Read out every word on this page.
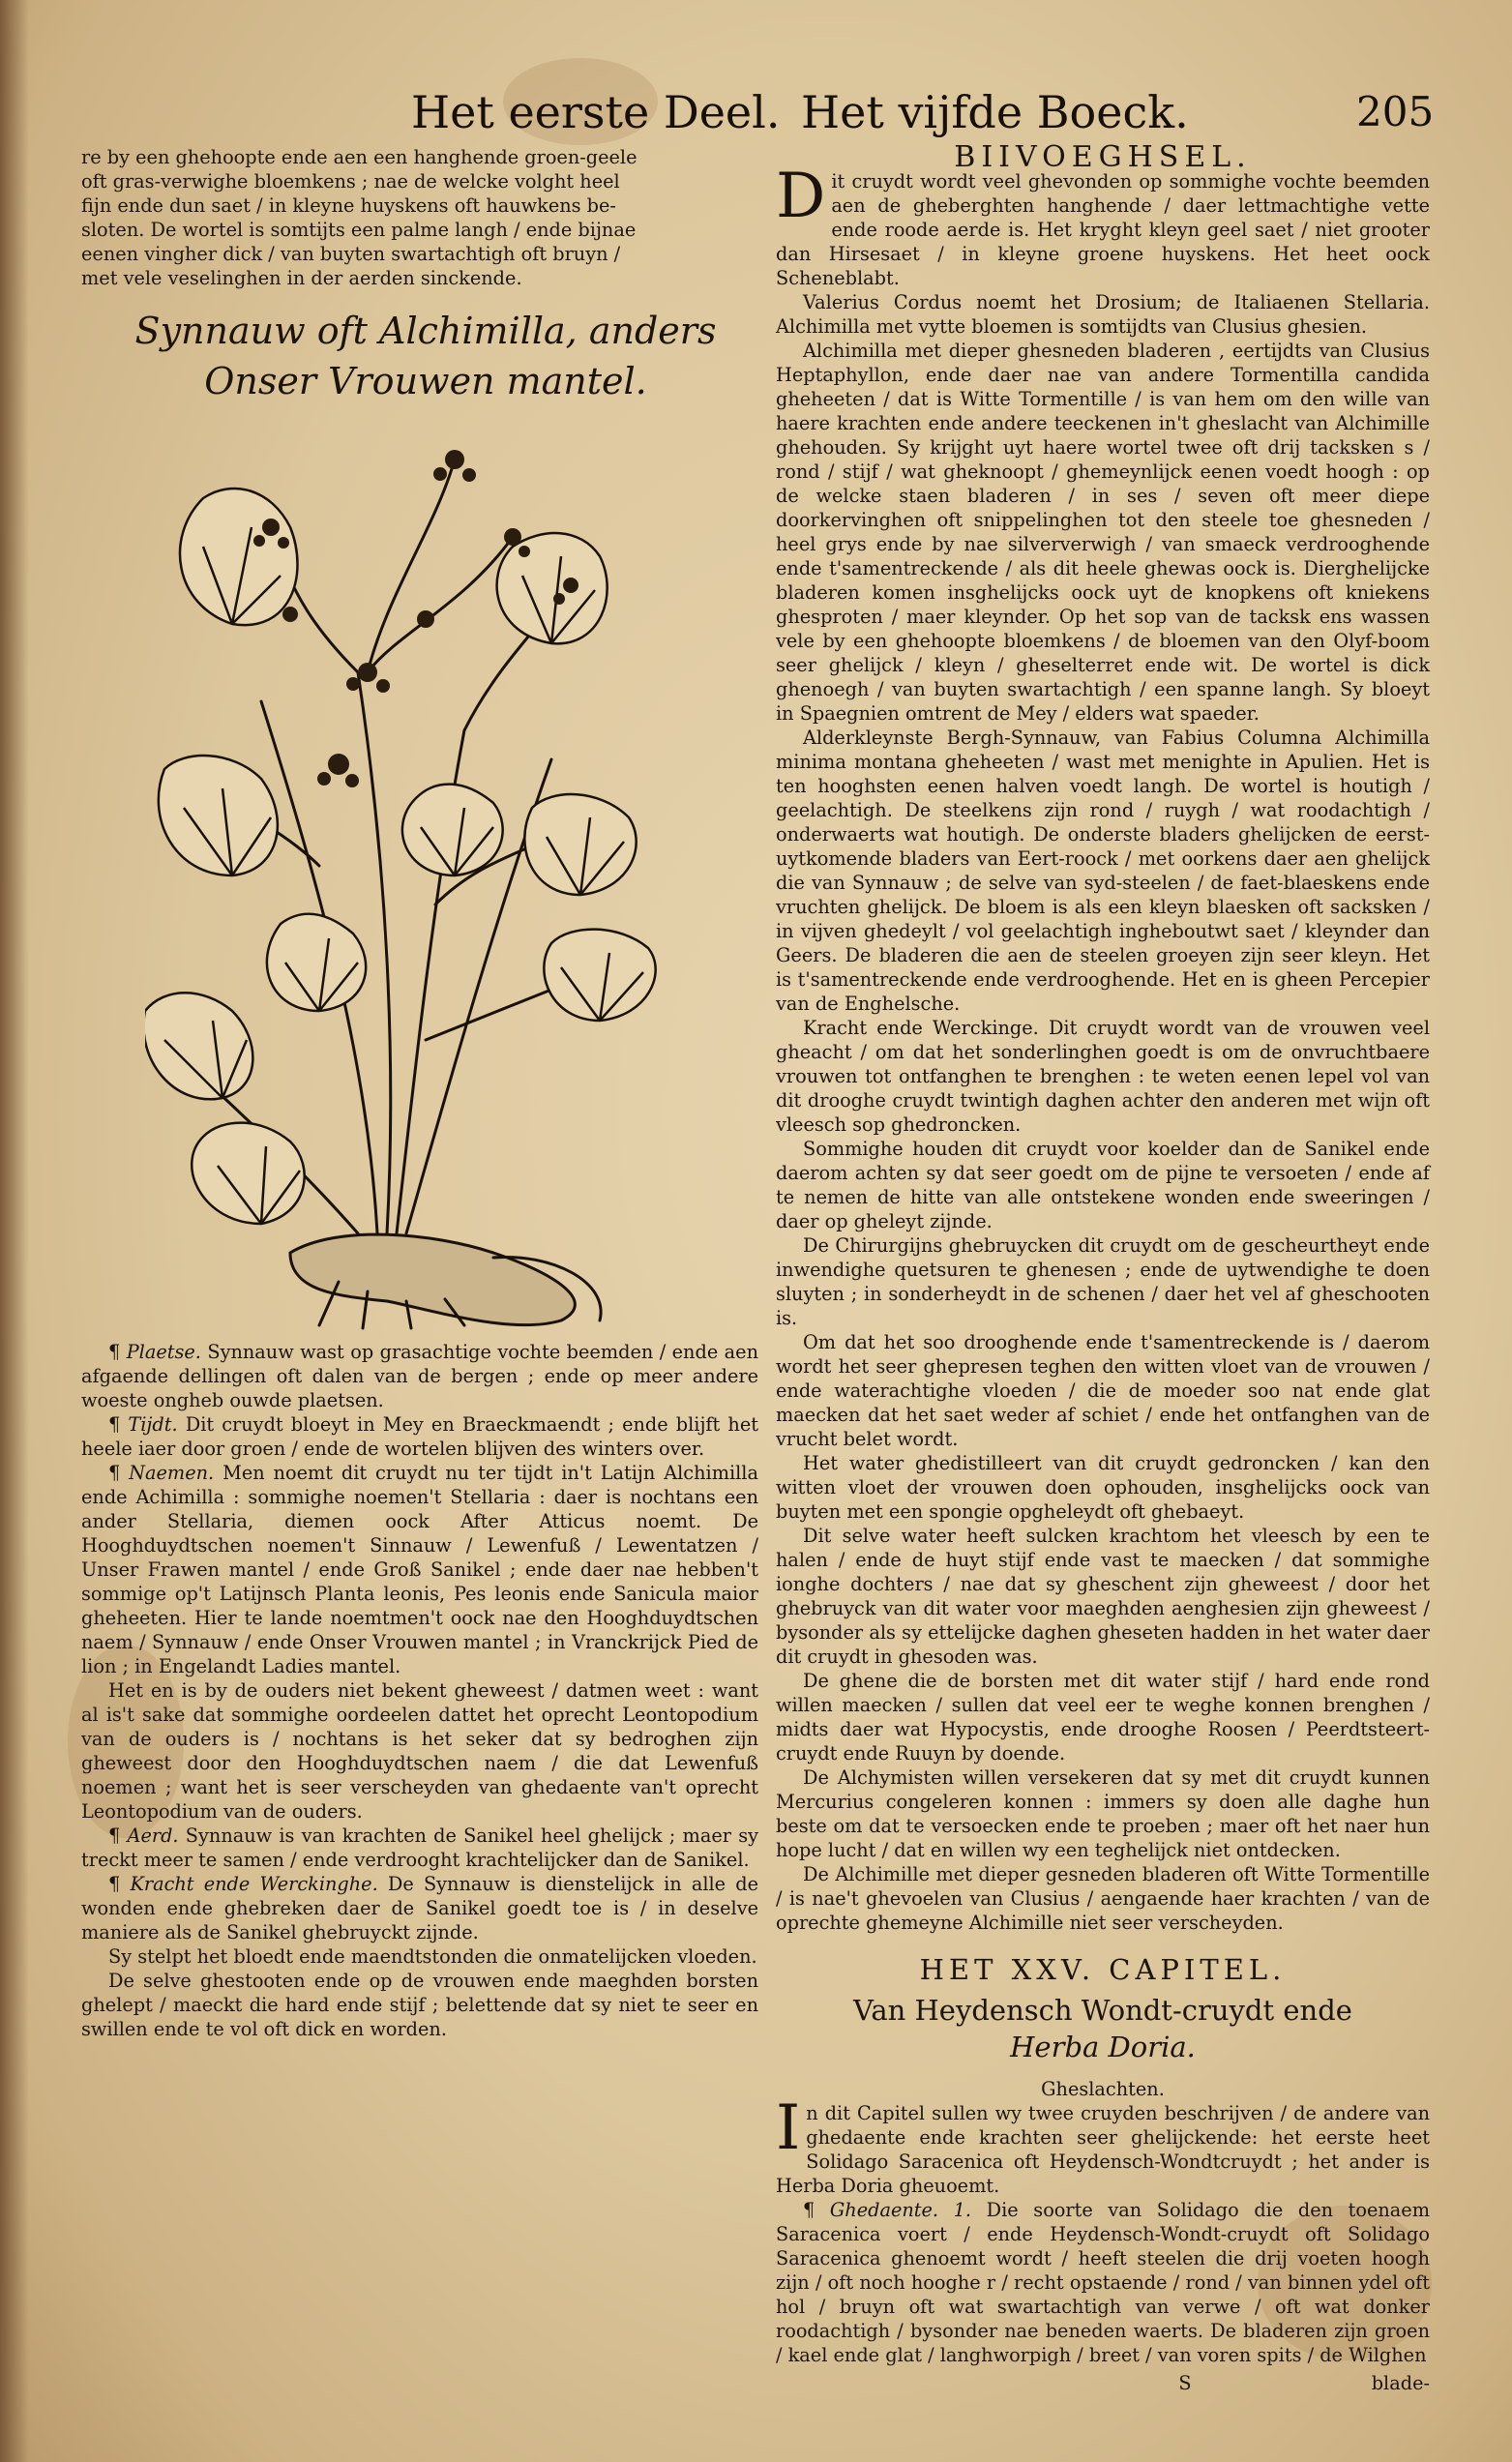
Het eerste Deel. Het vijfde Boeck.	205

re by een ghehoopte ende aen een hanghende groen-geele

oft gras-verwighe bloemkens ; nae de welcke volght heel

fijn ende dun saet / in kleyne huyskens oft hauwkens be-

sloten. De wortel is somtijts een palme langh / ende bijnae

eenen vingher dick / van buyten swartachtigh oft bruyn /

met vele veselinghen in der aerden sinckende.

Synnauw oft Alchimilla, anders
Onser Vrouwen mantel.

¶ Plaetse. Synnauw wast op grasachtige vochte beemden / ende aen afgaende dellingen oft dalen van de bergen ; ende op meer andere woeste ongheb ouwde plaetsen.

¶ Tijdt. Dit cruydt bloeyt in Mey en Braeckmaendt ; ende blijft het heele iaer door groen / ende de wortelen blijven des winters over.

¶ Naemen. Men noemt dit cruydt nu ter tijdt in't Latijn Alchimilla ende Achimilla : sommighe noemen't Stellaria : daer is nochtans een ander Stellaria, diemen oock After Atticus noemt. De Hooghduydtschen noemen't Sinnauw / Lewenfuß / Lewentatzen / Unser Frawen mantel / ende Groß Sanikel ; ende daer nae hebben't sommige op't Latijnsch Planta leonis, Pes leonis ende Sanicula maior gheheeten. Hier te lande noemtmen't oock nae den Hooghduydtschen naem / Synnauw / ende Onser Vrouwen mantel ; in Vranckrijck Pied de lion ; in Engelandt Ladies mantel.

Het en is by de ouders niet bekent gheweest / datmen weet : want al is't sake dat sommighe oordeelen dattet het oprecht Leontopodium van de ouders is / nochtans is het seker dat sy bedroghen zijn gheweest door den Hooghduydtschen naem / die dat Lewenfuß noemen ; want het is seer verscheyden van ghedaente van't oprecht Leontopodium van de ouders.

¶ Aerd. Synnauw is van krachten de Sanikel heel ghelijck ; maer sy treckt meer te samen / ende verdrooght krachtelijcker dan de Sanikel.

¶ Kracht ende Werckinghe. De Synnauw is dienstelijck in alle de wonden ende ghebreken daer de Sanikel goedt toe is / in deselve maniere als de Sanikel ghebruyckt zijnde.

Sy stelpt het bloedt ende maendtstonden die onmatelijcken vloeden.

De selve ghestooten ende op de vrouwen ende maeghden borsten ghelept / maeckt die hard ende stijf ; belettende dat sy niet te seer en swillen ende te vol oft dick en worden.

BIIVOEGHSEL.

Dit cruydt wordt veel ghevonden op sommighe vochte beemden aen de gheberghten hanghende / daer lettmachtighe vette ende roode aerde is. Het kryght kleyn geel saet / niet grooter dan Hirsesaet / in kleyne groene huyskens. Het heet oock Scheneblabt.

Valerius Cordus noemt het Drosium; de Italiaenen Stellaria. Alchimilla met vytte bloemen is somtijdts van Clusius ghesien.

Alchimilla met dieper ghesneden bladeren , eertijdts van Clusius Heptaphyllon, ende daer nae van andere Tormentilla candida gheheeten / dat is Witte Tormentille / is van hem om den wille van haere krachten ende andere teeckenen in't gheslacht van Alchimille ghehouden. Sy krijght uyt haere wortel twee oft drij tacksken s / rond / stijf / wat gheknoopt / ghemeynlijck eenen voedt hoogh : op de welcke staen bladeren / in ses / seven oft meer diepe doorkervinghen oft snippelinghen tot den steele toe ghesneden / heel grys ende by nae silververwigh / van smaeck verdrooghende ende t'samentreckende / als dit heele ghewas oock is. Dierghelijcke bladeren komen insghelijcks oock uyt de knopkens oft kniekens ghesproten / maer kleynder. Op het sop van de tacksk ens wassen vele by een ghehoopte bloemkens / de bloemen van den Olyf-boom seer ghelijck / kleyn / gheselterret ende wit. De wortel is dick ghenoegh / van buyten swartachtigh / een spanne langh. Sy bloeyt in Spaegnien omtrent de Mey / elders wat spaeder.

Alderkleynste Bergh-Synnauw, van Fabius Columna Alchimilla minima montana gheheeten / wast met menighte in Apulien. Het is ten hooghsten eenen halven voedt langh. De wortel is houtigh / geelachtigh. De steelkens zijn rond / ruygh / wat roodachtigh / onderwaerts wat houtigh. De onderste bladers ghelijcken de eerst-uytkomende bladers van Eert-roock / met oorkens daer aen ghelijck die van Synnauw ; de selve van syd-steelen / de faet-blaeskens ende vruchten ghelijck. De bloem is als een kleyn blaesken oft sacksken / in vijven ghedeylt / vol geelachtigh ingheboutwt saet / kleynder dan Geers. De bladeren die aen de steelen groeyen zijn seer kleyn. Het is t'samentreckende ende verdrooghende. Het en is gheen Percepier van de Enghelsche.

Kracht ende Werckinge. Dit cruydt wordt van de vrouwen veel gheacht / om dat het sonderlinghen goedt is om de onvruchtbaere vrouwen tot ontfanghen te brenghen : te weten eenen lepel vol van dit drooghe cruydt twintigh daghen achter den anderen met wijn oft vleesch sop ghedroncken.

Sommighe houden dit cruydt voor koelder dan de Sanikel ende daerom achten sy dat seer goedt om de pijne te versoeten / ende af te nemen de hitte van alle ontstekene wonden ende sweeringen / daer op gheleyt zijnde.

De Chirurgijns ghebruycken dit cruydt om de gescheurtheyt ende inwendighe quetsuren te ghenesen ; ende de uytwendighe te doen sluyten ; in sonderheydt in de schenen / daer het vel af gheschooten is.

Om dat het soo drooghende ende t'samentreckende is / daerom wordt het seer ghepresen teghen den witten vloet van de vrouwen / ende waterachtighe vloeden / die de moeder soo nat ende glat maecken dat het saet weder af schiet / ende het ontfanghen van de vrucht belet wordt.

Het water ghedistilleert van dit cruydt gedroncken / kan den witten vloet der vrouwen doen ophouden, insghelijcks oock van buyten met een spongie opgheleydt oft ghebaeyt.

Dit selve water heeft sulcken krachtom het vleesch by een te halen / ende de huyt stijf ende vast te maecken / dat sommighe ionghe dochters / nae dat sy gheschent zijn gheweest / door het ghebruyck van dit water voor maeghden aenghesien zijn gheweest / bysonder als sy ettelijcke daghen gheseten hadden in het water daer dit cruydt in ghesoden was.

De ghene die de borsten met dit water stijf / hard ende rond willen maecken / sullen dat veel eer te weghe konnen brenghen / midts daer wat Hypocystis, ende drooghe Roosen / Peerdtsteert-cruydt ende Ruuyn by doende.

De Alchymisten willen versekeren dat sy met dit cruydt kunnen Mercurius congeleren konnen : immers sy doen alle daghe hun beste om dat te versoecken ende te proeben ; maer oft het naer hun hope lucht / dat en willen wy een teghelijck niet ontdecken.

De Alchimille met dieper gesneden bladeren oft Witte Tormentille / is nae't ghevoelen van Clusius / aengaende haer krachten / van de oprechte ghemeyne Alchimille niet seer verscheyden.

HET XXV. CAPITEL.

Van Heydensch Wondt-cruydt ende

Herba Doria.

Gheslachten.

In dit Capitel sullen wy twee cruyden beschrijven / de andere van ghedaente ende krachten seer ghelijckende: het eerste heet Solidago Saracenica oft Heydensch-Wondtcruydt ; het ander is Herba Doria gheuoemt.

¶ Ghedaente. 1. Die soorte van Solidago die den toenaem Saracenica voert / ende Heydensch-Wondt-cruydt oft Solidago Saracenica ghenoemt wordt / heeft steelen die drij voeten hoogh zijn / oft noch hooghe r / recht opstaende / rond / van binnen ydel oft hol / bruyn oft wat swartachtigh van verwe / oft wat donker roodachtigh / bysonder nae beneden waerts. De bladeren zijn groen / kael ende glat / langhworpigh / breet / van voren spits / de Wilghen

S	blade-
